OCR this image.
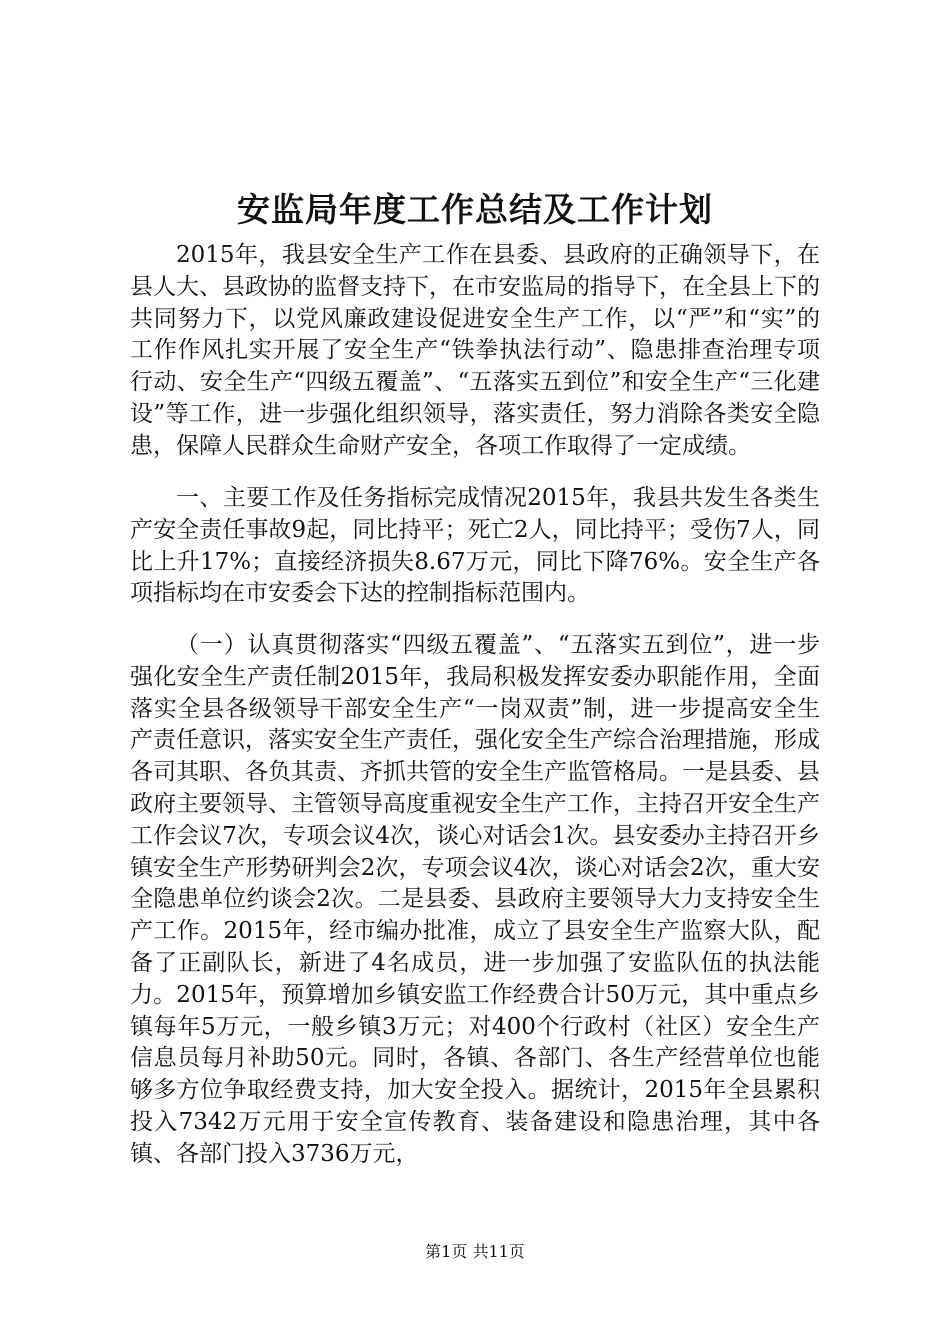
安监局年度工作总结及工作计划

2015年，我县安全生产工作在县委、县政府的正确领导下，在县人大、县政协的监督支持下，在市安监局的指导下，在全县上下的共同努力下，以党风廉政建设促进安全生产工作，以“严”和“实”的工作作风扎实开展了安全生产“铁拳执法行动”、隐患排查治理专项行动、安全生产“四级五覆盖”、“五落实五到位”和安全生产“三化建设”等工作，进一步强化组织领导，落实责任，努力消除各类安全隐患，保障人民群众生命财产安全，各项工作取得了一定成绩。

一、主要工作及任务指标完成情况2015年，我县共发生各类生产安全责任事故9起，同比持平；死亡2人，同比持平；受伤7人，同比上升17%；直接经济损失8.67万元，同比下降76%。安全生产各项指标均在市安委会下达的控制指标范围内。

（一）认真贯彻落实“四级五覆盖”、“五落实五到位”，进一步强化安全生产责任制2015年，我局积极发挥安委办职能作用，全面落实全县各级领导干部安全生产“一岗双责”制，进一步提高安全生产责任意识，落实安全生产责任，强化安全生产综合治理措施，形成各司其职、各负其责、齐抓共管的安全生产监管格局。一是县委、县政府主要领导、主管领导高度重视安全生产工作，主持召开安全生产工作会议7次，专项会议4次，谈心对话会1次。县安委办主持召开乡镇安全生产形势研判会2次，专项会议4次，谈心对话会2次，重大安全隐患单位约谈会2次。二是县委、县政府主要领导大力支持安全生产工作。2015年，经市编办批准，成立了县安全生产监察大队，配备了正副队长，新进了4名成员，进一步加强了安监队伍的执法能力。2015年，预算增加乡镇安监工作经费合计50万元，其中重点乡镇每年5万元，一般乡镇3万元；对400个行政村（社区）安全生产信息员每月补助50元。同时，各镇、各部门、各生产经营单位也能够多方位争取经费支持，加大安全投入。据统计，2015年全县累积投入7342万元用于安全宣传教育、装备建设和隐患治理，其中各镇、各部门投入3736万元，

第1页 共11页
